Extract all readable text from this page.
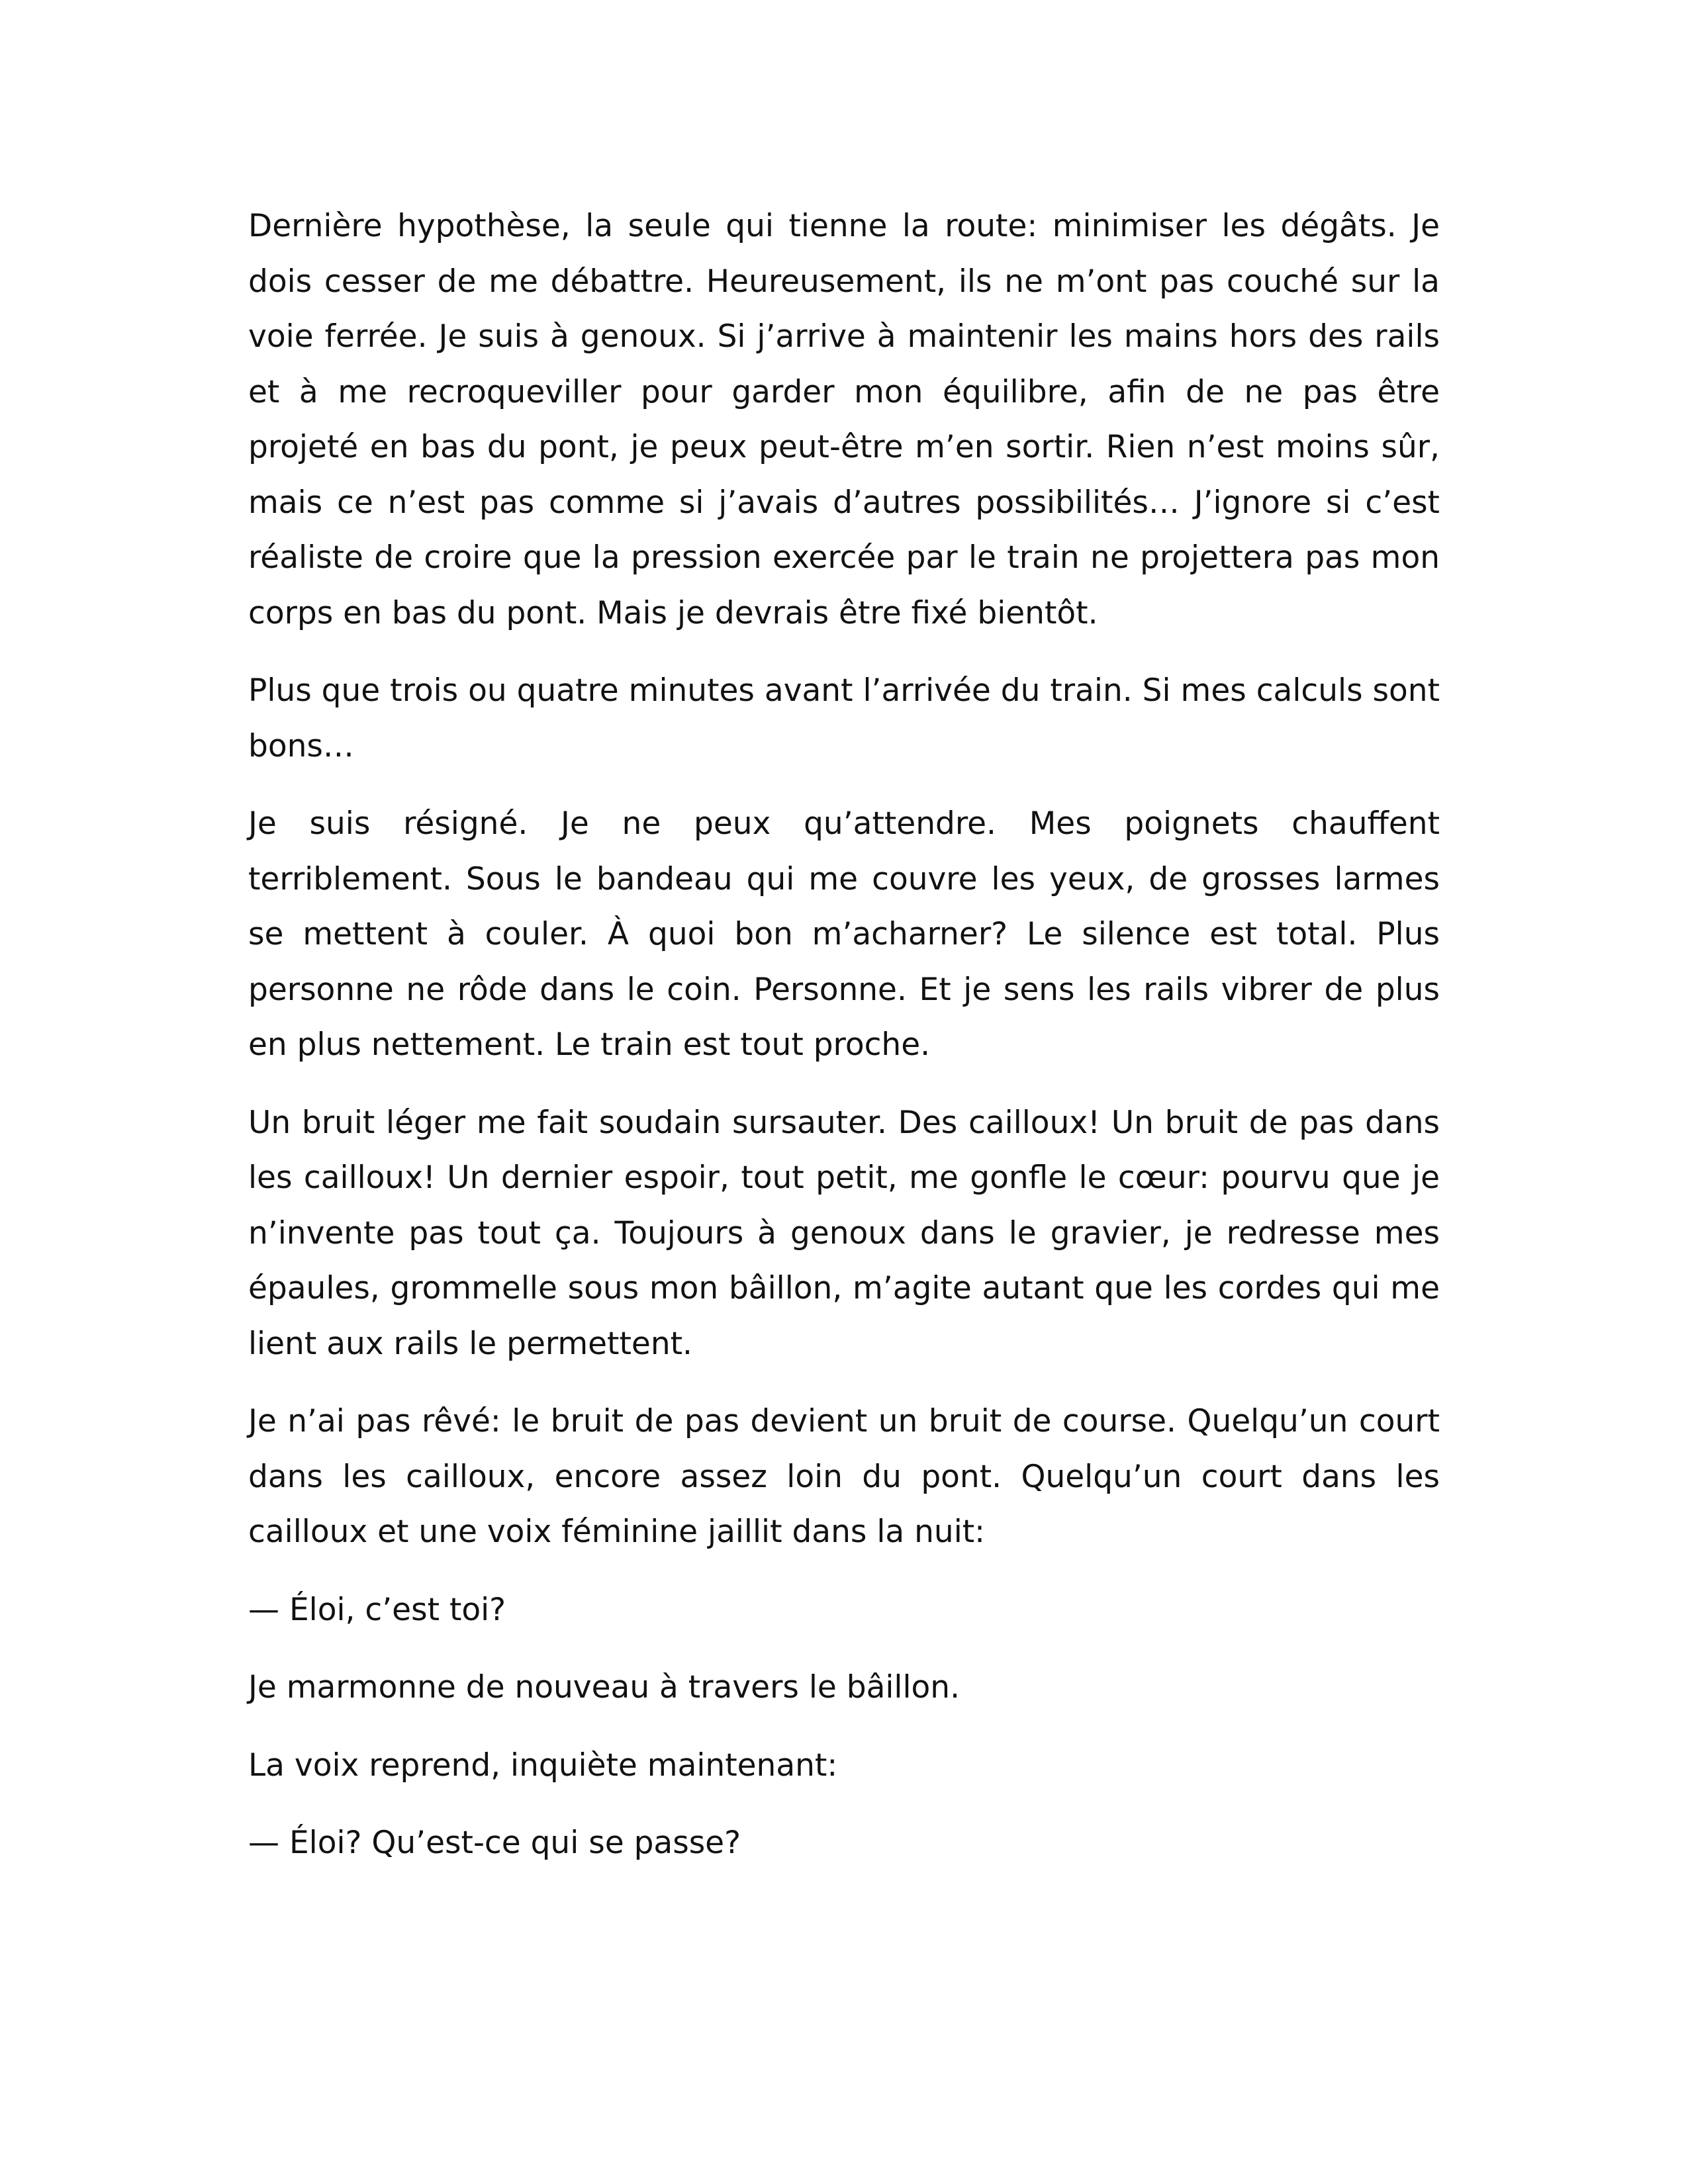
Dernière hypothèse, la seule qui tienne la route: minimiser les dégâts. Je dois cesser de me débattre. Heureusement, ils ne m’ont pas couché sur la voie ferrée. Je suis à genoux. Si j’arrive à maintenir les mains hors des rails et à me recroqueviller pour garder mon équilibre, afin de ne pas être projeté en bas du pont, je peux peut-être m’en sortir. Rien n’est moins sûr, mais ce n’est pas comme si j’avais d’autres possibilités… J’ignore si c’est réaliste de croire que la pression exercée par le train ne projettera pas mon corps en bas du pont. Mais je devrais être fixé bientôt.

Plus que trois ou quatre minutes avant l’arrivée du train. Si mes calculs sont bons…

Je suis résigné. Je ne peux qu’attendre. Mes poignets chauffent terriblement. Sous le bandeau qui me couvre les yeux, de grosses larmes se mettent à couler. À quoi bon m’acharner? Le silence est total. Plus personne ne rôde dans le coin. Personne. Et je sens les rails vibrer de plus en plus nettement. Le train est tout proche.

Un bruit léger me fait soudain sursauter. Des cailloux! Un bruit de pas dans les cailloux! Un dernier espoir, tout petit, me gonfle le cœur: pourvu que je n’invente pas tout ça. Toujours à genoux dans le gravier, je redresse mes épaules, grommelle sous mon bâillon, m’agite autant que les cordes qui me lient aux rails le permettent.

Je n’ai pas rêvé: le bruit de pas devient un bruit de course. Quelqu’un court dans les cailloux, encore assez loin du pont. Quelqu’un court dans les cailloux et une voix féminine jaillit dans la nuit:

— Éloi, c’est toi?

Je marmonne de nouveau à travers le bâillon.

La voix reprend, inquiète maintenant:

— Éloi? Qu’est-ce qui se passe?
